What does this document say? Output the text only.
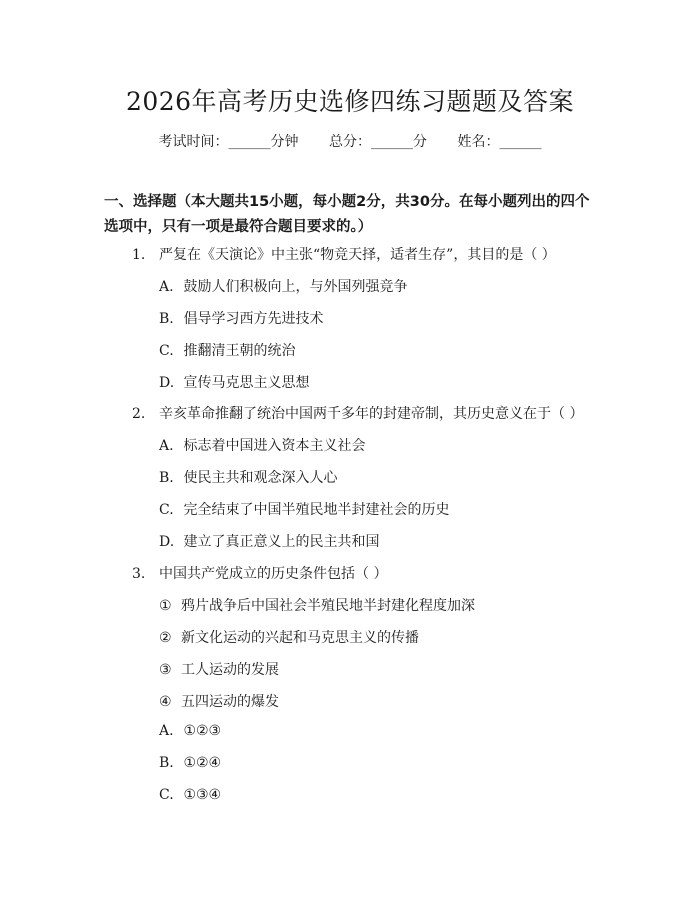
2026年高考历史选修四练习题题及答案
考试时间：______分钟 总分：______分 姓名：______
一、选择题（本大题共15小题，每小题2分，共30分。在每小题列出的四个选项中，只有一项是最符合题目要求的。）
1. 严复在《天演论》中主张“物竞天择，适者生存”，其目的是（ ）
A. 鼓励人们积极向上，与外国列强竞争
B. 倡导学习西方先进技术
C. 推翻清王朝的统治
D. 宣传马克思主义思想
2. 辛亥革命推翻了统治中国两千多年的封建帝制，其历史意义在于（ ）
A. 标志着中国进入资本主义社会
B. 使民主共和观念深入人心
C. 完全结束了中国半殖民地半封建社会的历史
D. 建立了真正意义上的民主共和国
3. 中国共产党成立的历史条件包括（ ）
① 鸦片战争后中国社会半殖民地半封建化程度加深
② 新文化运动的兴起和马克思主义的传播
③ 工人运动的发展
④ 五四运动的爆发
A. ①②③
B. ①②④
C. ①③④
